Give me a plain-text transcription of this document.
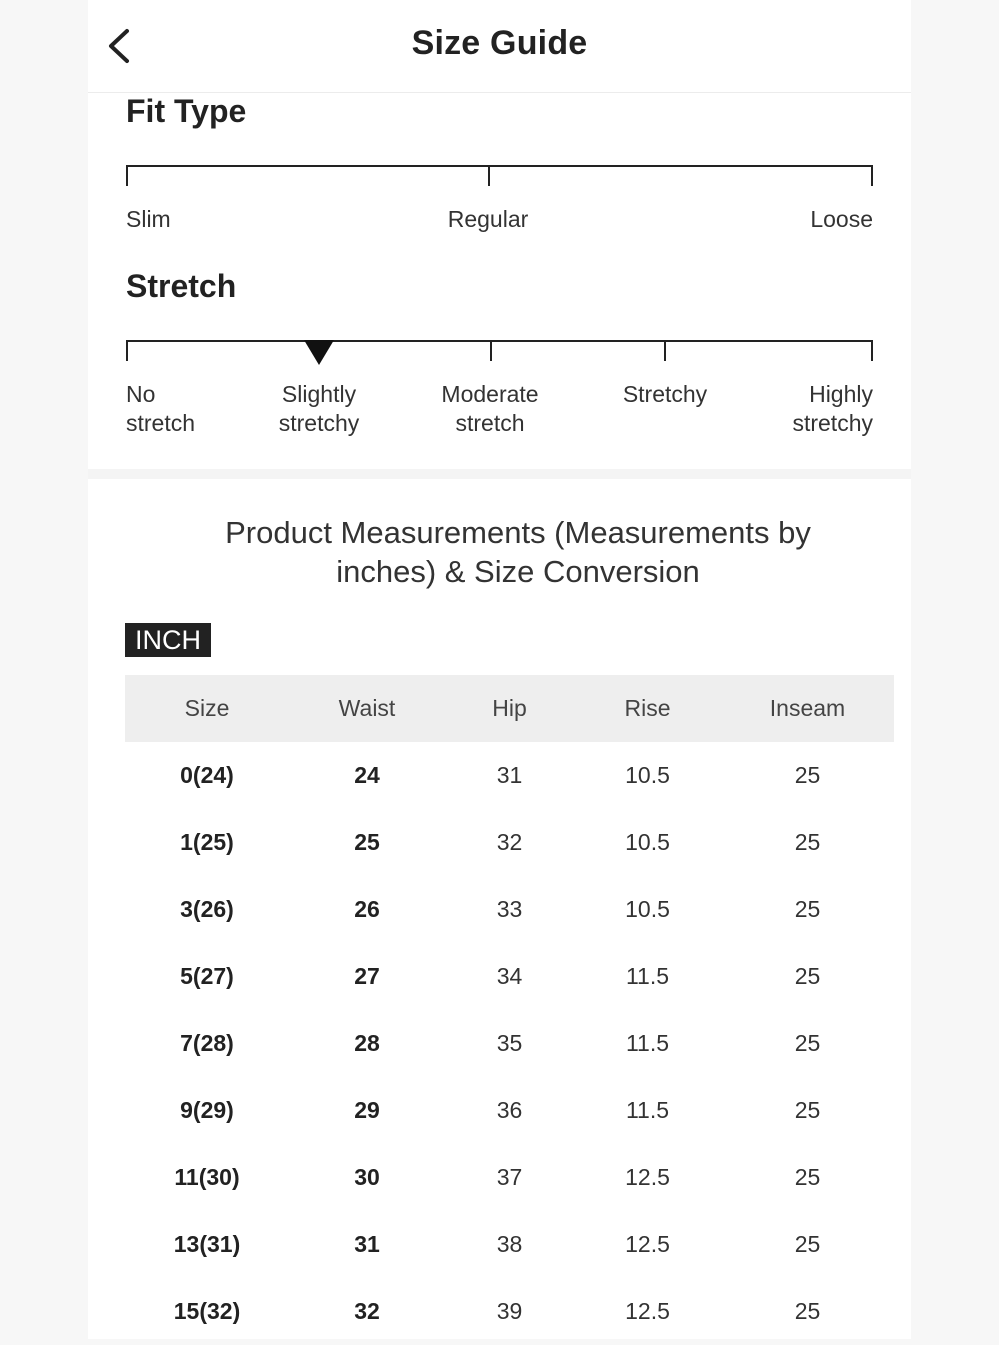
Size Guide
Fit Type
Slim	Regular	Loose
Stretch
No
stretch
Slightly
stretchy
Moderate
stretch
Stretchy	Highly
stretchy
Product Measurements (Measurements by
inches) & Size Conversion
INCH
Size	Waist	Hip	Rise	Inseam
0(24)	24	31	10.5	25
1(25)	25	32	10.5	25
3(26)	26	33	10.5	25
5(27)	27	34	11.5	25
7(28)	28	35	11.5	25
9(29)	29	36	11.5	25
11(30)	30	37	12.5	25
13(31)	31	38	12.5	25
15(32)	32	39	12.5	25
